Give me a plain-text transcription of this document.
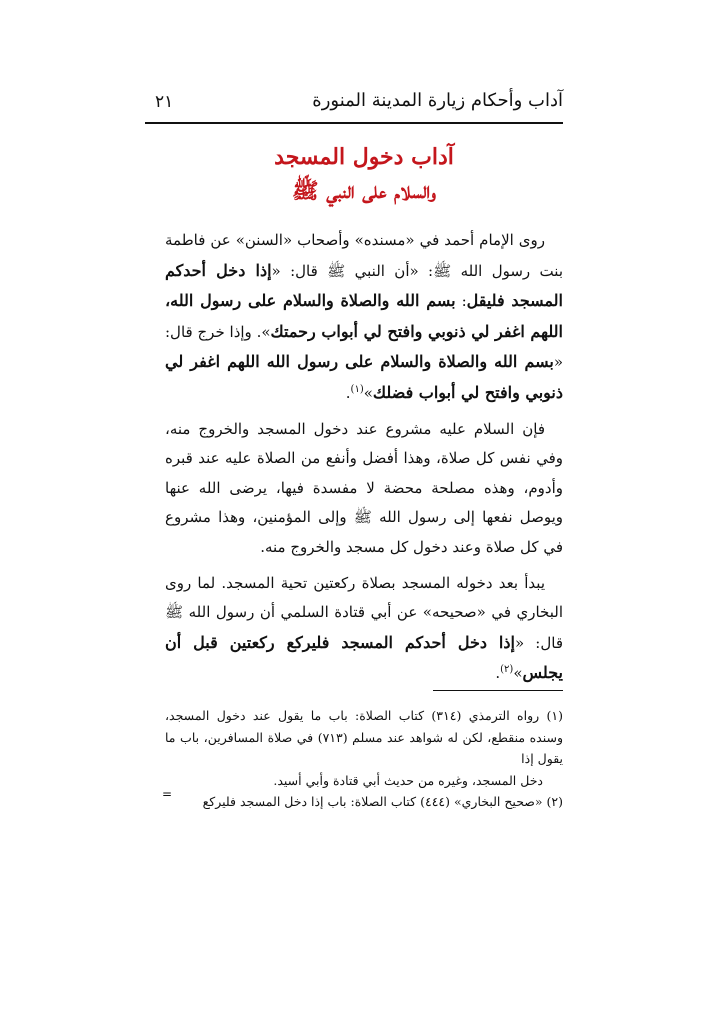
آداب وأحكام زيارة المدينة المنورة
٢١
آداب دخول المسجد
والسلام على النبي ﷺ

روى الإمام أحمد في «مسنده» وأصحاب «السنن» عن فاطمة بنت رسول الله ﷺ: «أن النبي ﷺ قال: «إذا دخل أحدكم المسجد فليقل: بسم الله والصلاة والسلام على رسول الله، اللهم اغفر لي ذنوبي وافتح لي أبواب رحمتك». وإذا خرج قال: «بسم الله والصلاة والسلام على رسول الله اللهم اغفر لي ذنوبي وافتح لي أبواب فضلك»$^{(١)}$.

فإن السلام عليه مشروع عند دخول المسجد والخروج منه، وفي نفس كل صلاة، وهذا أفضل وأنفع من الصلاة عليه عند قبره وأدوم، وهذه مصلحة محضة لا مفسدة فيها، يرضى الله عنها ويوصل نفعها إلى رسول الله ﷺ وإلى المؤمنين، وهذا مشروع في كل صلاة وعند دخول كل مسجد والخروج منه.

يبدأ بعد دخوله المسجد بصلاة ركعتين تحية المسجد. لما روى البخاري في «صحيحه» عن أبي قتادة السلمي أن رسول الله ﷺ قال: «إذا دخل أحدكم المسجد فليركع ركعتين قبل أن يجلس»$^{(٢)}$.

(١) رواه الترمذي (٣١٤) كتاب الصلاة: باب ما يقول عند دخول المسجد، وسنده منقطع، لكن له شواهد عند مسلم (٧١٣) في صلاة المسافرين، باب ما يقول إذا

دخل المسجد، وغيره من حديث أبي قتادة وأبي أسيد.

(٢) «صحيح البخاري» (٤٤٤) كتاب الصلاة: باب إذا دخل المسجد فليركع

=
